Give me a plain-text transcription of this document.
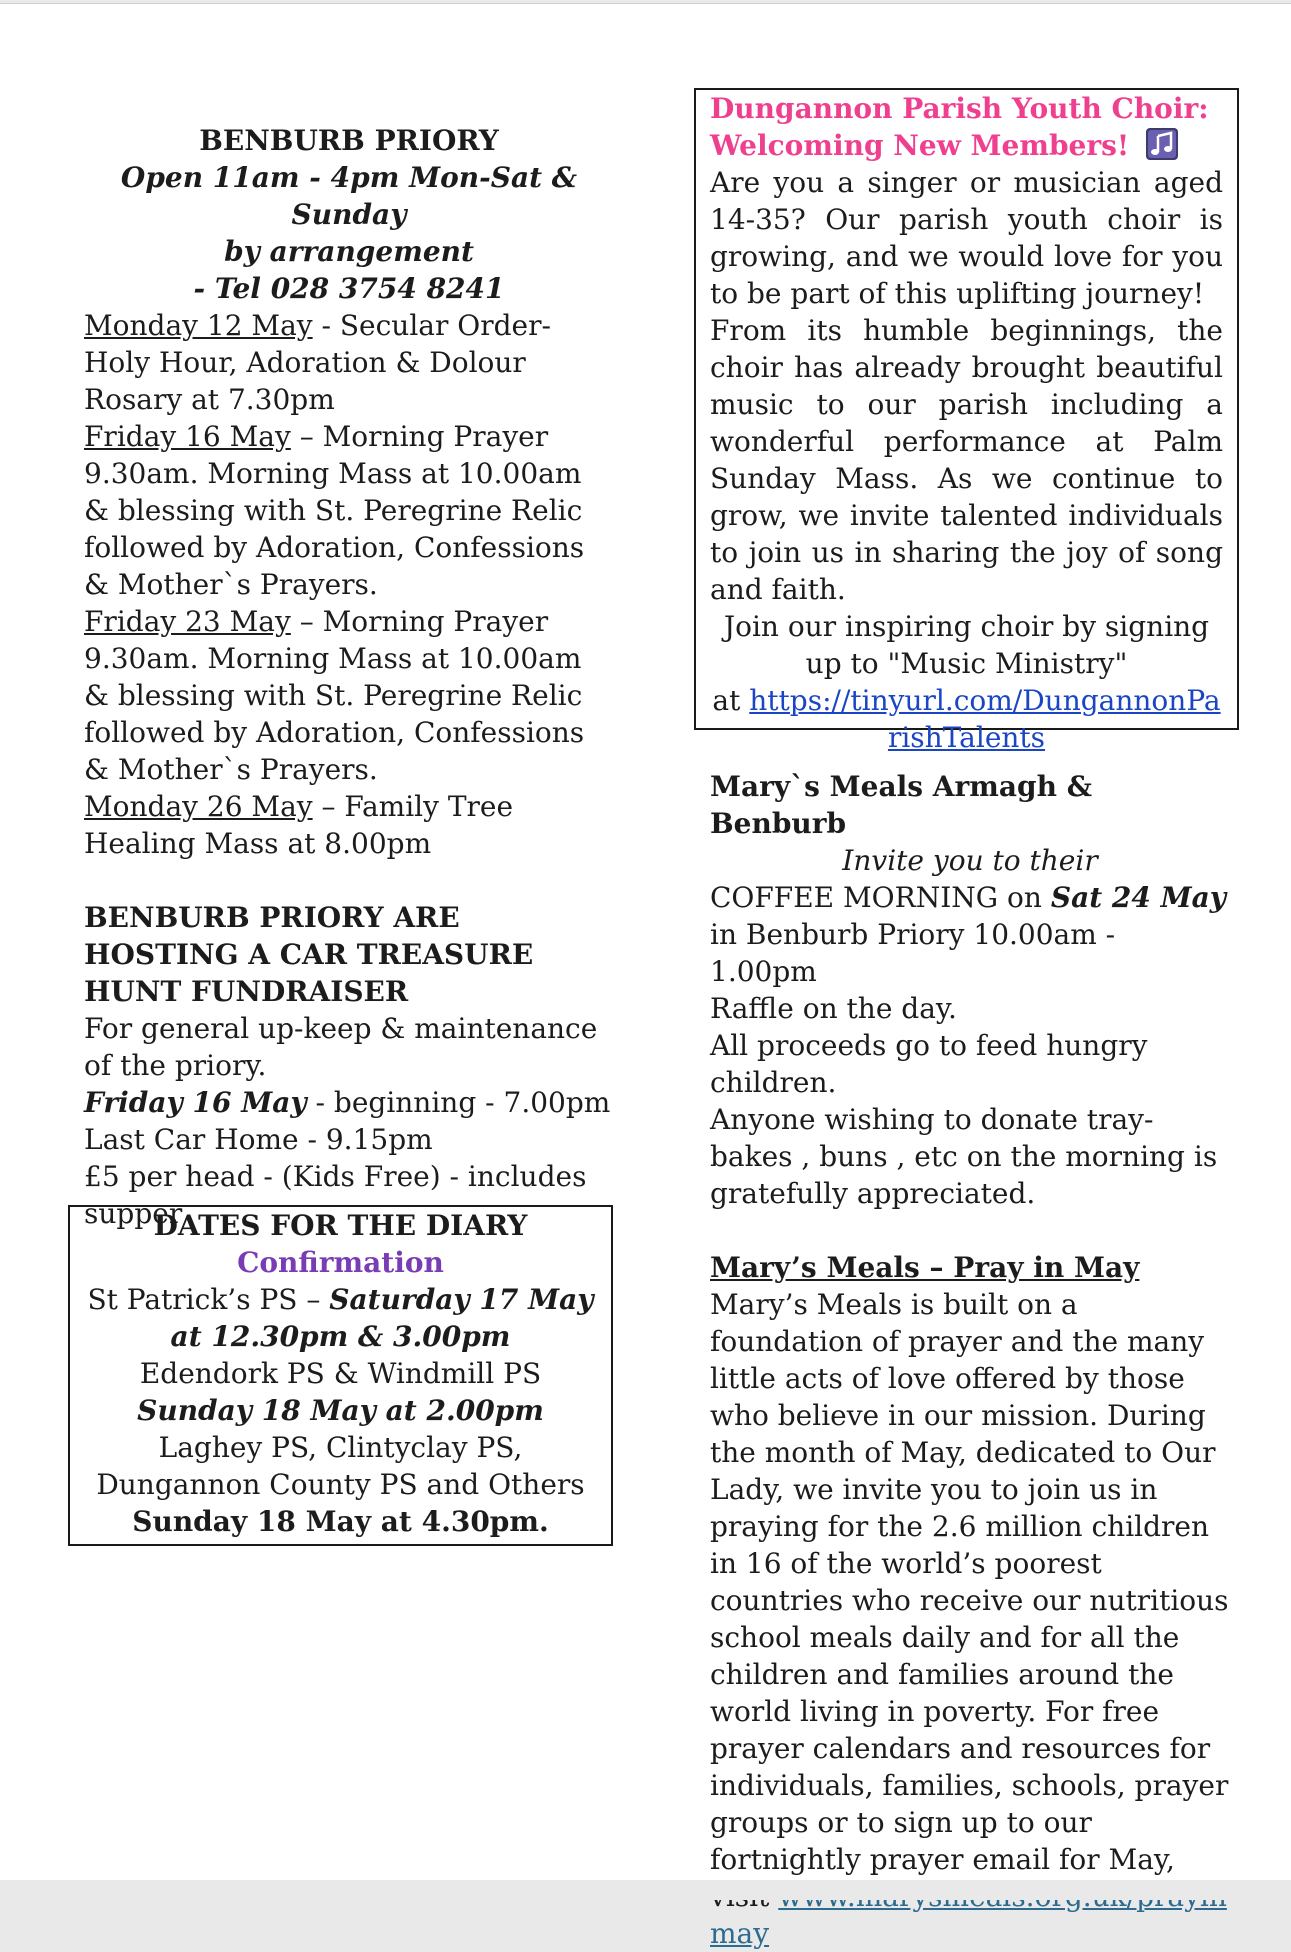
BENBURB PRIORY
Open 11am - 4pm Mon-Sat & Sunday
by arrangement
- Tel 028 3754 8241
Monday 12 May - Secular Order-Holy Hour, Adoration & Dolour Rosary at 7.30pm
Friday 16 May – Morning Prayer 9.30am. Morning Mass at 10.00am & blessing with St. Peregrine Relic followed by Adoration, Confessions & Mother`s Prayers.
Friday 23 May – Morning Prayer 9.30am. Morning Mass at 10.00am & blessing with St. Peregrine Relic followed by Adoration, Confessions & Mother`s Prayers.
Monday 26 May – Family Tree Healing Mass at 8.00pm
BENBURB PRIORY ARE HOSTING A CAR TREASURE HUNT FUNDRAISER
For general up-keep & maintenance of the priory.
Friday 16 May - beginning - 7.00pm
Last Car Home - 9.15pm
£5 per head - (Kids Free) - includes supper
DATES FOR THE DIARY
Confirmation
St Patrick’s PS – Saturday 17 May at 12.30pm & 3.00pm
Edendork PS & Windmill PS
Sunday 18 May at 2.00pm
Laghey PS, Clintyclay PS, Dungannon County PS and Others
Sunday 18 May at 4.30pm.
Dungannon Parish Youth Choir:
Welcoming New Members!
Are you a singer or musician aged 14-35? Our parish youth choir is growing, and we would love for you to be part of this uplifting journey!
From its humble beginnings, the choir has already brought beautiful music to our parish including a wonderful performance at Palm Sunday Mass. As we continue to grow, we invite talented individuals to join us in sharing the joy of song and faith.
Join our inspiring choir by signing up to "Music Ministry"
at https://tinyurl.com/DungannonPa
rishTalents
Mary`s Meals Armagh & Benburb
Invite you to their
COFFEE MORNING on Sat 24 May
in Benburb Priory 10.00am - 1.00pm
Raffle on the day.
All proceeds go to feed hungry children.
Anyone wishing to donate tray-bakes , buns , etc on the morning is gratefully appreciated.
Mary’s Meals – Pray in May
Mary’s Meals is built on a foundation of prayer and the many little acts of love offered by those who believe in our mission. During the month of May, dedicated to Our Lady, we invite you to join us in praying for the 2.6 million children in 16 of the world’s poorest countries who receive our nutritious school meals daily and for all the children and families around the world living in poverty. For free prayer calendars and resources for individuals, families, schools, prayer groups or to sign up to our fortnightly prayer email for May,
may
